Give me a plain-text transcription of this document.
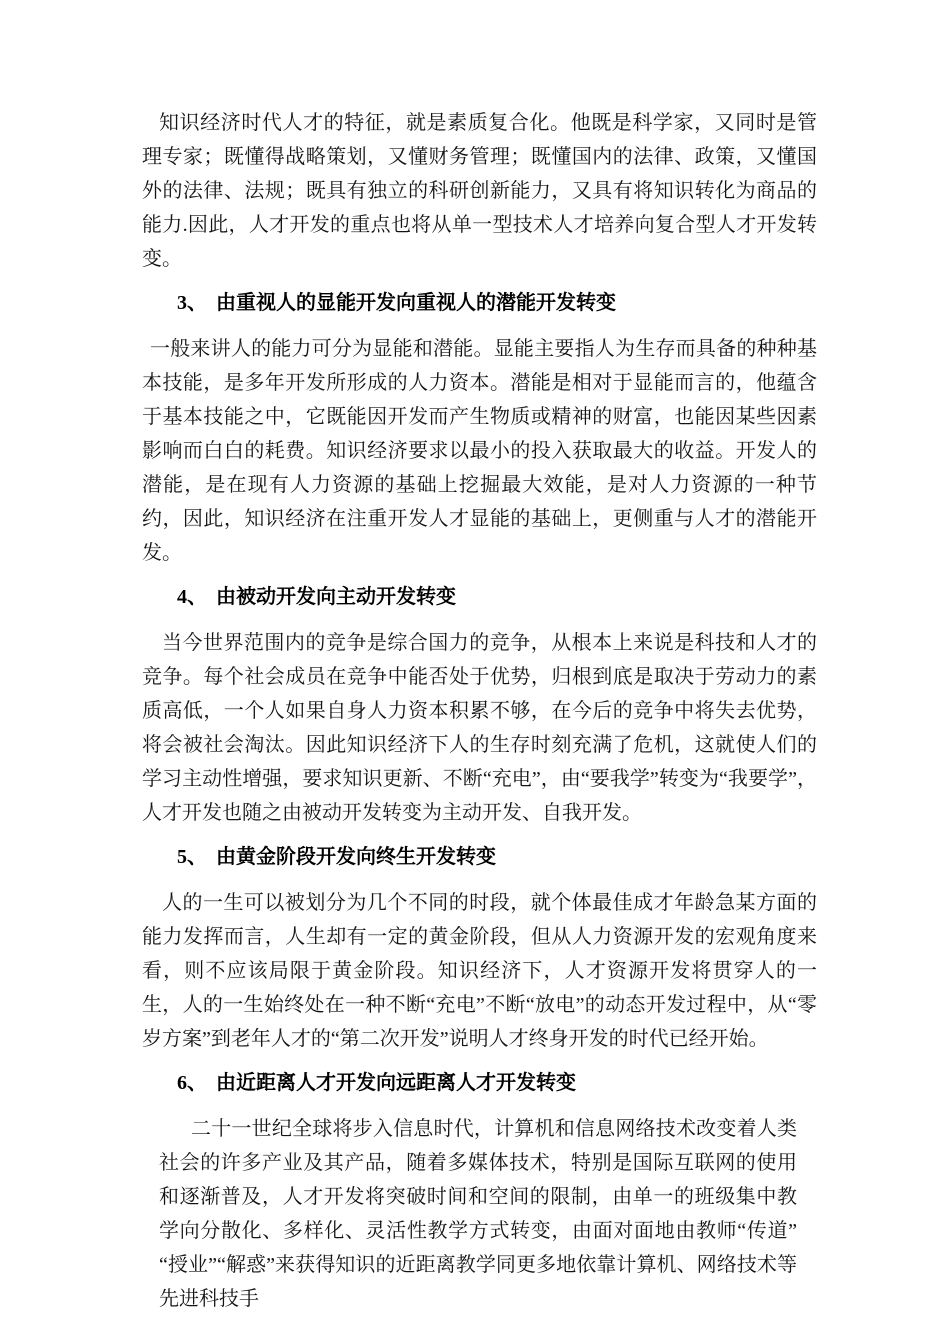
知识经济时代人才的特征，就是素质复合化。他既是科学家，又同时是管理专家；既懂得战略策划，又懂财务管理；既懂国内的法律、政策，又懂国外的法律、法规；既具有独立的科研创新能力，又具有将知识转化为商品的能力.因此，人才开发的重点也将从单一型技术人才培养向复合型人才开发转变。

3、 由重视人的显能开发向重视人的潜能开发转变

一般来讲人的能力可分为显能和潜能。显能主要指人为生存而具备的种种基本技能，是多年开发所形成的人力资本。潜能是相对于显能而言的，他蕴含于基本技能之中，它既能因开发而产生物质或精神的财富，也能因某些因素影响而白白的耗费。知识经济要求以最小的投入获取最大的收益。开发人的潜能，是在现有人力资源的基础上挖掘最大效能，是对人力资源的一种节约，因此，知识经济在注重开发人才显能的基础上，更侧重与人才的潜能开发。

4、 由被动开发向主动开发转变

当今世界范围内的竞争是综合国力的竞争，从根本上来说是科技和人才的竞争。每个社会成员在竞争中能否处于优势，归根到底是取决于劳动力的素质高低，一个人如果自身人力资本积累不够，在今后的竞争中将失去优势，将会被社会淘汰。因此知识经济下人的生存时刻充满了危机，这就使人们的学习主动性增强，要求知识更新、不断“充电”，由“要我学”转变为“我要学”，人才开发也随之由被动开发转变为主动开发、自我开发。

5、 由黄金阶段开发向终生开发转变

人的一生可以被划分为几个不同的时段，就个体最佳成才年龄急某方面的能力发挥而言，人生却有一定的黄金阶段，但从人力资源开发的宏观角度来看，则不应该局限于黄金阶段。知识经济下，人才资源开发将贯穿人的一生，人的一生始终处在一种不断“充电”不断“放电”的动态开发过程中，从“零岁方案”到老年人才的“第二次开发”说明人才终身开发的时代已经开始。

6、 由近距离人才开发向远距离人才开发转变

二十一世纪全球将步入信息时代，计算机和信息网络技术改变着人类社会的许多产业及其产品，随着多媒体技术，特别是国际互联网的使用和逐渐普及，人才开发将突破时间和空间的限制，由单一的班级集中教学向分散化、多样化、灵活性教学方式转变，由面对面地由教师“传道”“授业”“解惑”来获得知识的近距离教学同更多地依靠计算机、网络技术等先进科技手
